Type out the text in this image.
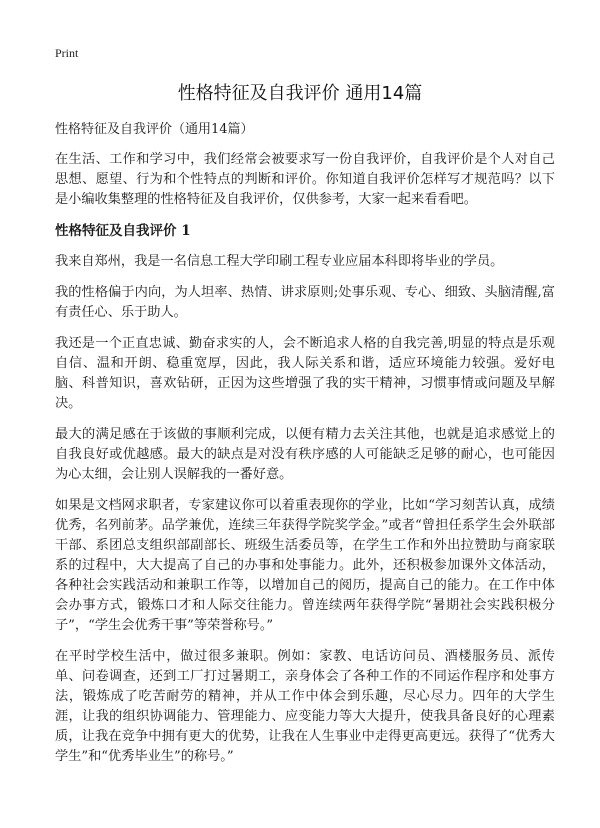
Print
性格特征及自我评价 通用14篇

性格特征及自我评价（通用14篇）

在生活、工作和学习中，我们经常会被要求写一份自我评价，自我评价是个人对自己思想、愿望、行为和个性特点的判断和评价。你知道自我评价怎样写才规范吗？以下是小编收集整理的性格特征及自我评价，仅供参考，大家一起来看看吧。

性格特征及自我评价 1

我来自郑州，我是一名信息工程大学印刷工程专业应届本科即将毕业的学员。

我的性格偏于内向，为人坦率、热情、讲求原则;处事乐观、专心、细致、头脑清醒,富有责任心、乐于助人。

我还是一个正直忠诚、勤奋求实的人，会不断追求人格的自我完善,明显的特点是乐观自信、温和开朗、稳重宽厚，因此，我人际关系和谐，适应环境能力较强。爱好电脑、科普知识，喜欢钻研，正因为这些增强了我的实干精神，习惯事情或问题及早解决。

最大的满足感在于该做的事顺利完成，以便有精力去关注其他，也就是追求感觉上的自我良好或优越感。最大的缺点是对没有秩序感的人可能缺乏足够的耐心，也可能因为心太细，会让别人误解我的一番好意。

如果是文档网求职者，专家建议你可以着重表现你的学业，比如“学习刻苦认真，成绩优秀，名列前茅。品学兼优，连续三年获得学院奖学金。”或者“曾担任系学生会外联部干部、系团总支组织部副部长、班级生活委员等，在学生工作和外出拉赞助与商家联系的过程中，大大提高了自己的办事和处事能力。此外，还积极参加课外文体活动，各种社会实践活动和兼职工作等，以增加自己的阅历，提高自己的能力。在工作中体会办事方式，锻炼口才和人际交往能力。曾连续两年获得学院“暑期社会实践积极分子”，“学生会优秀干事”等荣誉称号。”

在平时学校生活中，做过很多兼职。例如：家教、电话访问员、酒楼服务员、派传单、问卷调查，还到工厂打过暑期工，亲身体会了各种工作的不同运作程序和处事方法，锻炼成了吃苦耐劳的精神，并从工作中体会到乐趣，尽心尽力。四年的大学生涯，让我的组织协调能力、管理能力、应变能力等大大提升，使我具备良好的心理素质，让我在竞争中拥有更大的优势，让我在人生事业中走得更高更远。获得了“优秀大学生”和“优秀毕业生”的称号。”
